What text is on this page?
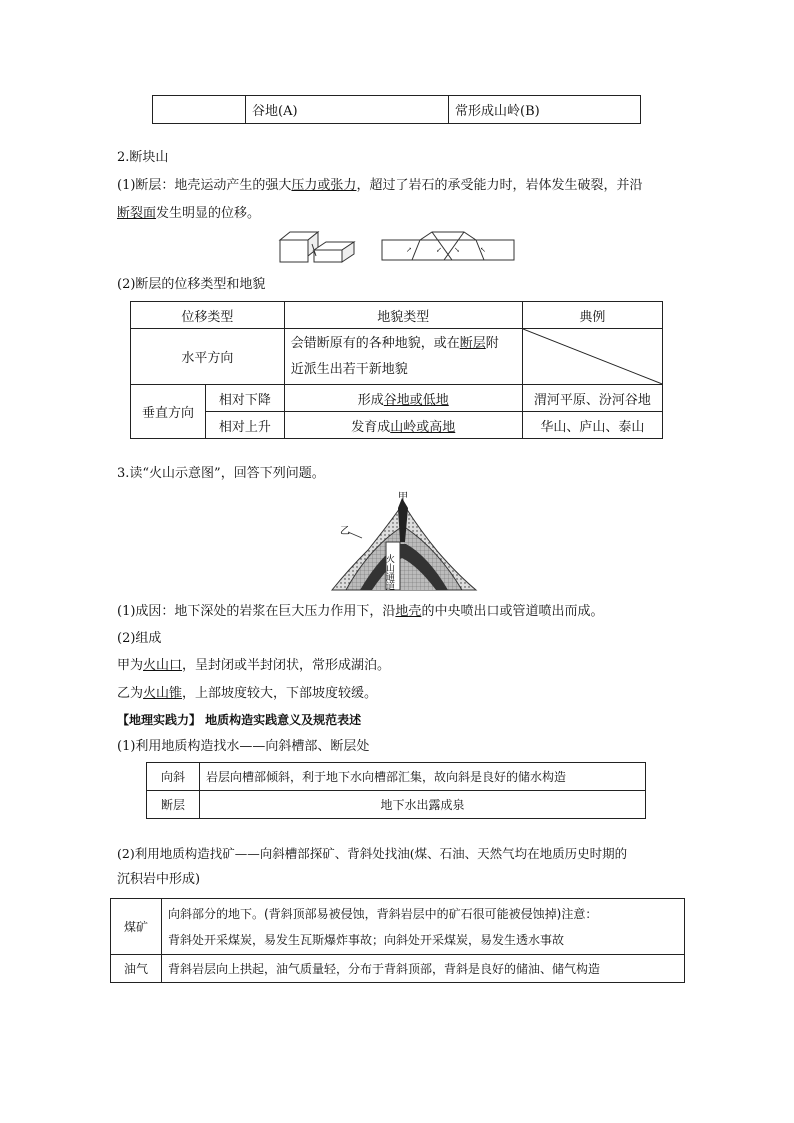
	谷地(A)	常形成山岭(B)
2.断块山
(1)断层：地壳运动产生的强大压力或张力，超过了岩石的承受能力时，岩体发生破裂，并沿
断裂面发生明显的位移。
↗	↙ ↘	↖
(2)断层的位移类型和地貌
位移类型		地貌类型	典例
水平方向		会错断原有的各种地貌，或在断层附
近派生出若干新地貌	

垂直方向	相对下降	形成谷地或低地	渭河平原、汾河谷地
	相对上升	发育成山岭或高地	华山、庐山、泰山
3.读“火山示意图”，回答下列问题。
甲
乙
火山通道
(1)成因：地下深处的岩浆在巨大压力作用下，沿地壳的中央喷出口或管道喷出而成。
(2)组成
甲为火山口，呈封闭或半封闭状，常形成湖泊。
乙为火山锥，上部坡度较大，下部坡度较缓。
【地理实践力】 地质构造实践意义及规范表述
(1)利用地质构造找水——向斜槽部、断层处
向斜	岩层向槽部倾斜，利于地下水向槽部汇集，故向斜是良好的储水构造
断层	地下水出露成泉
(2)利用地质构造找矿——向斜槽部探矿、背斜处找油(煤、石油、天然气均在地质历史时期的
沉积岩中形成)
煤矿	向斜部分的地下。(背斜顶部易被侵蚀，背斜岩层中的矿石很可能被侵蚀掉)注意：
背斜处开采煤炭，易发生瓦斯爆炸事故；向斜处开采煤炭，易发生透水事故
油气	背斜岩层向上拱起，油气质量轻，分布于背斜顶部，背斜是良好的储油、储气构造
